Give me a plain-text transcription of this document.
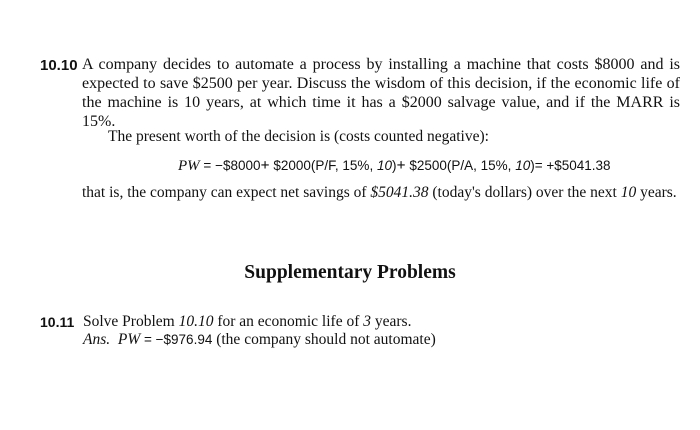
10.10 A company decides to automate a process by installing a machine that costs $8000 and is expected to save $2500 per year. Discuss the wisdom of this decision, if the economic life of the machine is 10 years, at which time it has a $2000 salvage value, and if the MARR is 15%.
The present worth of the decision is (costs counted negative):
PW = −$8000+ $2000(P/F, 15%, 10)+ $2500(P/A, 15%, 10)= +$5041.38
that is, the company can expect net savings of $5041.38 (today's dollars) over the next 10 years.
Supplementary Problems
10.11 Solve Problem 10.10 for an economic life of 3 years.
Ans. PW = −$976.94 (the company should not automate)
